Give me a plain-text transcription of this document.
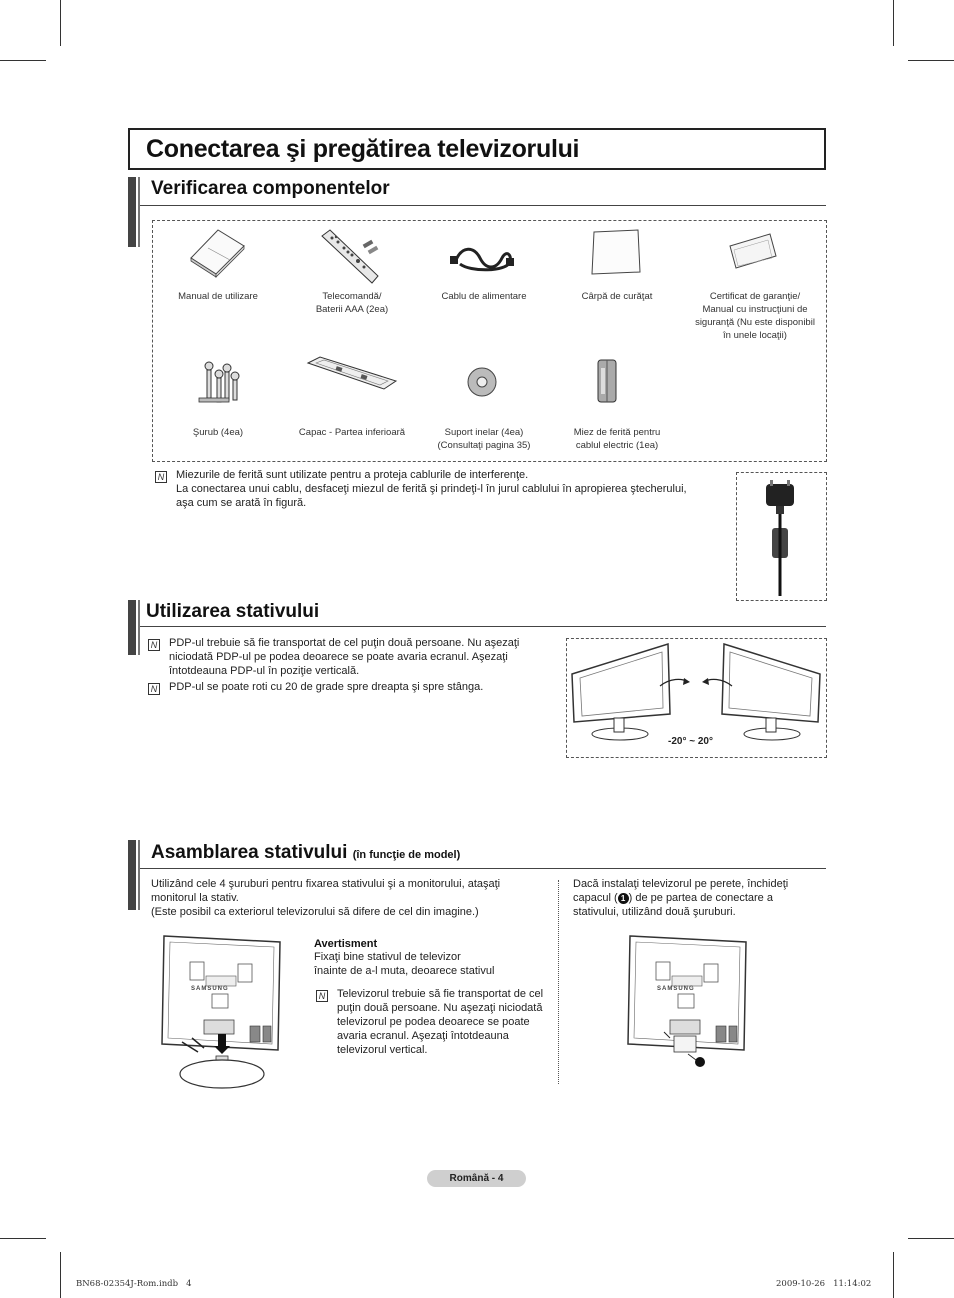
Conectarea şi pregătirea televizorului
Verificarea componentelor
Manual de utilizare	Telecomandă/
Baterii AAA (2ea)
Cablu de alimentare	Cârpă de curăţat	Certificat de garanţie/
Manual cu instrucţiuni de
siguranţă (Nu este disponibil
în unele locaţii)
Şurub (4ea)	Capac - Partea inferioară	Suport inelar (4ea)
(Consultaţi pagina 35)
Miez de ferită pentru
cablul electric (1ea)
N Miezurile de ferită sunt utilizate pentru a proteja cablurile de interferenţe.
La conectarea unui cablu, desfaceţi miezul de ferită şi prindeţi-l în jurul cablului în apropierea ştecherului,
aşa cum se arată în figură.
Utilizarea stativului
N PDP-ul trebuie să fie transportat de cel puţin două persoane. Nu aşezaţi
niciodată PDP-ul pe podea deoarece se poate avaria ecranul. Aşezaţi
întotdeauna PDP-ul în poziţie verticală.
N PDP-ul se poate roti cu 20 de grade spre dreapta şi spre stânga.
-20° ~ 20°
Asamblarea stativului (în funcţie de model)
Utilizând cele 4 şuruburi pentru fixarea stativului şi a monitorului, ataşaţi
monitorul la stativ.
(Este posibil ca exteriorul televizorului să difere de cel din imagine.)
SAMSUNG
Avertisment
Fixaţi bine stativul de televizor
înainte de a-l muta, deoarece stativul
N Televizorul trebuie să fie transportat de cel
puţin două persoane. Nu aşezaţi niciodată
televizorul pe podea deoarece se poate
avaria ecranul. Aşezaţi întotdeauna
televizorul vertical.
Dacă instalaţi televizorul pe perete, închideţi
capacul ( 1 ) de pe partea de conectare a
stativului, utilizând două şuruburi.
SAMSUNG
Română - 4
BN68-02354J-Rom.indb   4	2009-10-26   11:14:02
